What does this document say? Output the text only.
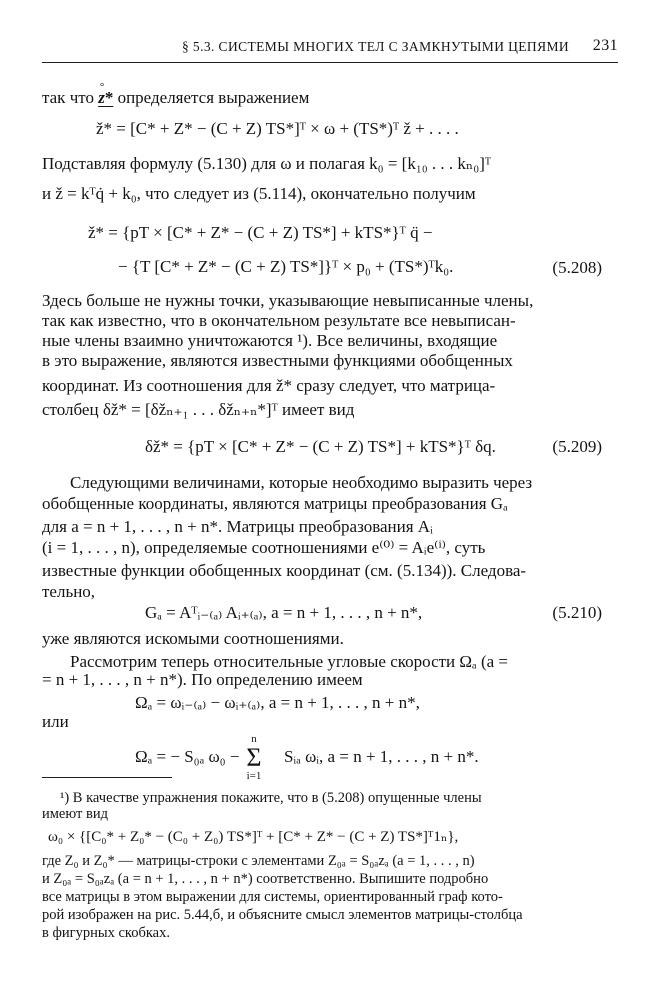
§ 5.3. СИСТЕМЫ МНОГИХ ТЕЛ С ЗАМКНУТЫМИ ЦЕПЯМИ 231
так что ° z* определяется выражением
ž* = [C* + Z* − (C + Z) TS*]ᵀ × ω + (TS*)ᵀ ž + . . . .
Подставляя формулу (5.130) для ω и полагая k₀ = [k₁₀ . . . kₙ₀]ᵀ
и ž = kᵀq̇ + k₀, что следует из (5.114), окончательно получим
ž* = {pT × [C* + Z* − (C + Z) TS*] + kTS*}ᵀ q̈ −
− {T [C* + Z* − (C + Z) TS*]}ᵀ × p₀ + (TS*)ᵀk₀.	(5.208)
Здесь больше не нужны точки, указывающие невыписанные члены,
так как известно, что в окончательном результате все невыписан-
ные члены взаимно уничтожаются ¹). Все величины, входящие
в это выражение, являются известными функциями обобщенных
координат. Из соотношения для ž* сразу следует, что матрица-
столбец δž* = [δžₙ₊₁ . . . δžₙ₊ₙ*]ᵀ имеет вид
δž* = {pT × [C* + Z* − (C + Z) TS*] + kTS*}ᵀ δq.	(5.209)
Следующими величинами, которые необходимо выразить через
обобщенные координаты, являются матрицы преобразования Gₐ
для a = n + 1, . . . , n + n*. Матрицы преобразования Aᵢ
(i = 1, . . . , n), определяемые соотношениями e⁽⁰⁾ = Aᵢe⁽ⁱ⁾, суть
известные функции обобщенных координат (см. (5.134)). Следова-
тельно,
Gₐ = Aᵀᵢ₋₍ₐ₎ Aᵢ₊₍ₐ₎, a = n + 1, . . . , n + n*,	(5.210)
уже являются искомыми соотношениями.
Рассмотрим теперь относительные угловые скорости Ωₐ (a =
= n + 1, . . . , n + n*). По определению имеем
Ωₐ = ωᵢ₋₍ₐ₎ − ωᵢ₊₍ₐ₎, a = n + 1, . . . , n + n*,
или
Ωₐ = − S₀ₐ ω₀ −  Sᵢₐ ωᵢ, a = n + 1, . . . , n + n*.
n
Σ
i=1
¹) В качестве упражнения покажите, что в (5.208) опущенные члены
имеют вид
ω₀ × {[C₀* + Z₀* − (C₀ + Z₀) TS*]ᵀ + [C* + Z* − (C + Z) TS*]ᵀ1ₙ},
где Z₀ и Z₀* — матрицы-строки с элементами Z₀ₐ = S₀ₐzₐ (a = 1, . . . , n)
и Z₀ₐ = S₀ₐzₐ (a = n + 1, . . . , n + n*) соответственно. Выпишите подробно
все матрицы в этом выражении для системы, ориентированный граф кото-
рой изображен на рис. 5.44,б, и объясните смысл элементов матрицы-столбца
в фигурных скобках.
